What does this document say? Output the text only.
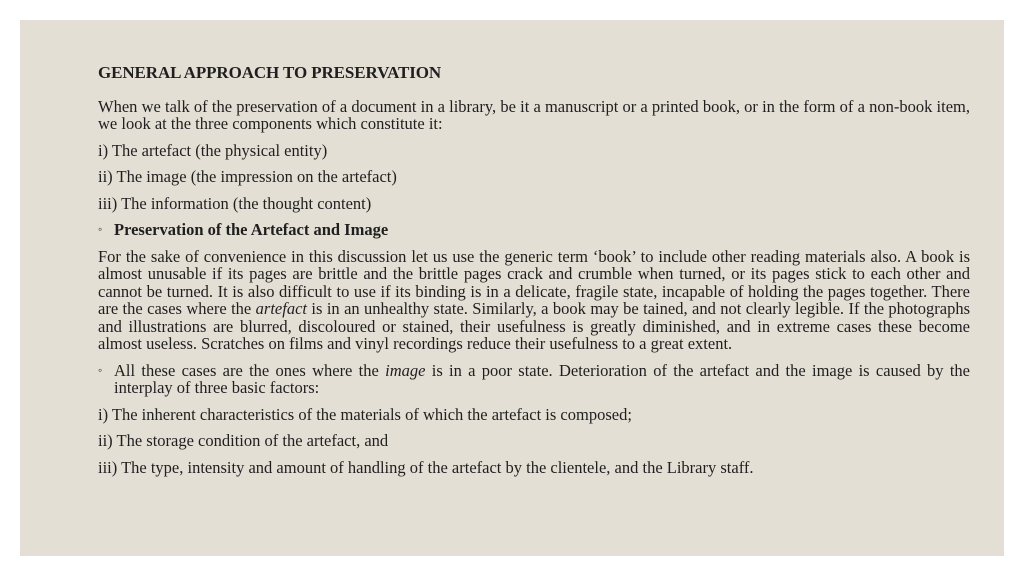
GENERAL APPROACH TO PRESERVATION

When we talk of the preservation of a document in a library, be it a manuscript or a printed book, or in the form of a non-book item, we look at the three components which constitute it:

i) The artefact (the physical entity)

ii) The image (the impression on the artefact)

iii) The information (the thought content)

◦ Preservation of the Artefact and Image

For the sake of convenience in this discussion let us use the generic term ‘book’ to include other reading materials also. A book is almost unusable if its pages are brittle and the brittle pages crack and crumble when turned, or its pages stick to each other and cannot be turned. It is also difficult to use if its binding is in a delicate, fragile state, incapable of holding the pages together. There are the cases where the artefact is in an unhealthy state. Similarly, a book may be tained, and not clearly legible. If the photographs and illustrations are blurred, discoloured or stained, their usefulness is greatly diminished, and in extreme cases these become almost useless. Scratches on films and vinyl recordings reduce their usefulness to a great extent.

◦ All these cases are the ones where the image is in a poor state. Deterioration of the artefact and the image is caused by the interplay of three basic factors:

i) The inherent characteristics of the materials of which the artefact is composed;

ii) The storage condition of the artefact, and

iii) The type, intensity and amount of handling of the artefact by the clientele, and the Library staff.
